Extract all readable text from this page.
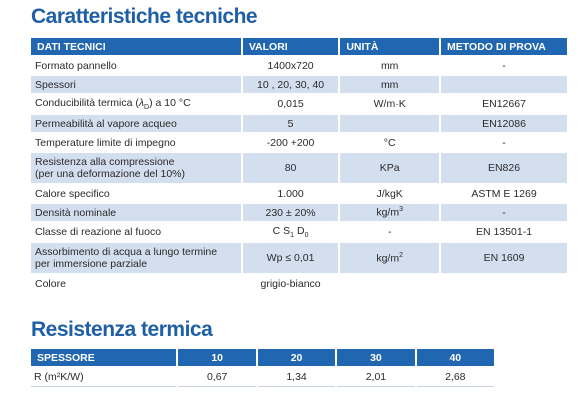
Caratteristiche tecniche
DATI TECNICI	VALORI	UNITÀ	METODO DI PROVA
Formato pannello	1400x720	mm	-
Spessori	10 , 20, 30, 40	mm	
Conducibilità termica $(\lambda_D)$ a 10 °C	0,015	W/m·K	EN12667
Permeabilità al vapore acqueo	5		EN12086
Temperature limite di impegno	-200 +200	°C	-
Resistenza alla compressione
(per una deformazione del 10%)	80	KPa	EN826
Calore specifico	1.000	J/kgK	ASTM E 1269
Densità nominale	230 ± 20%	$kg/m^3$	-
Classe di reazione al fuoco	C $S_1$ $D_0$	-	EN 13501-1
Assorbimento di acqua a lungo termine
per immersione parziale	Wp ≤ 0,01	$kg/m^2$	EN 1609
Colore	grigio-bianco		
Resistenza termica
SPESSORE	10	20	30	40
R (m²K/W)	0,67	1,34	2,01	2,68
